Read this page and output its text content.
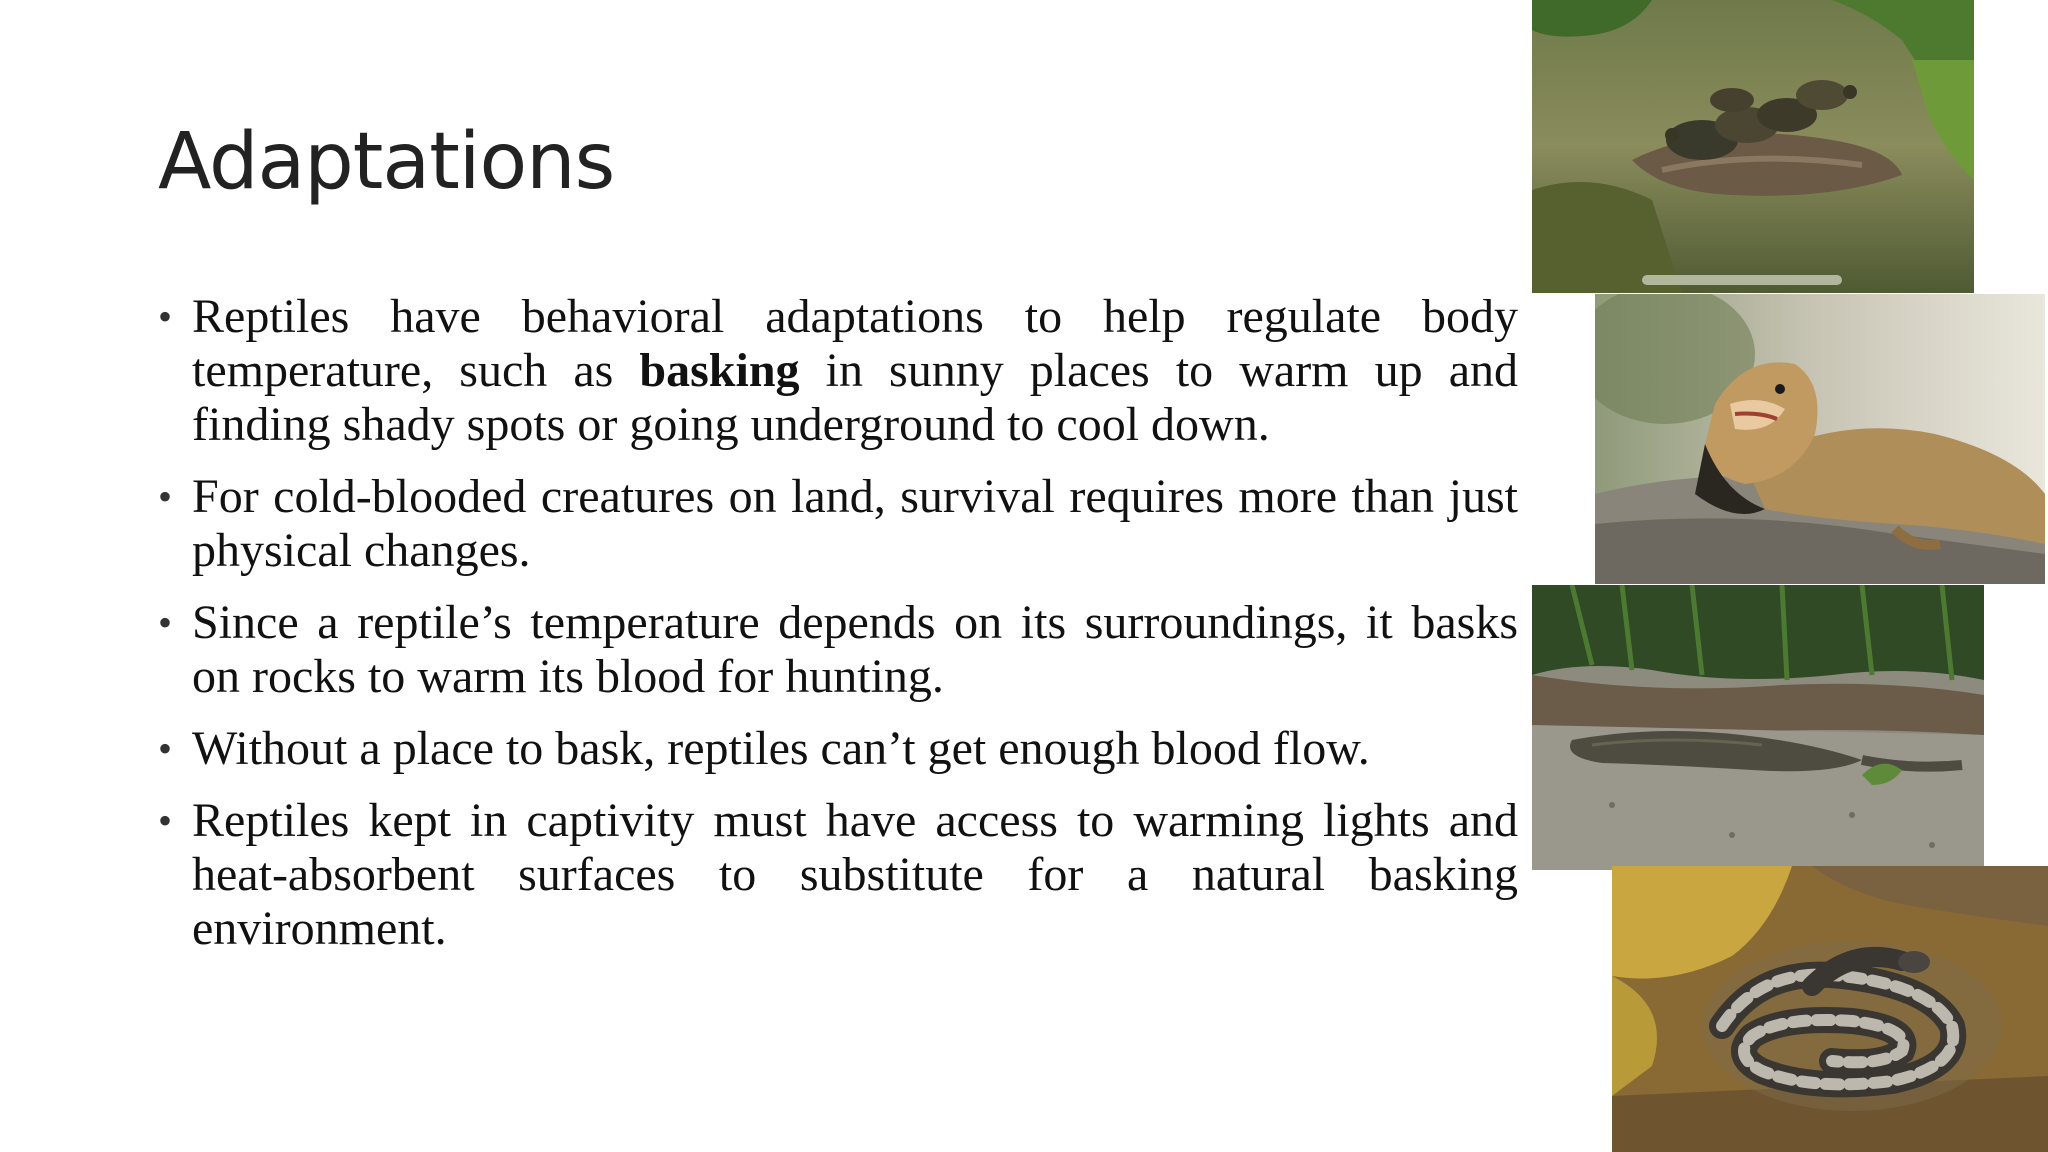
Adaptations
• Reptiles have behavioral adaptations to help regulate body temperature, such as basking in sunny places to warm up and finding shady spots or going underground to cool down.
• For cold-blooded creatures on land, survival requires more than just physical changes.
• Since a reptile’s temperature depends on its surroundings, it basks on rocks to warm its blood for hunting.
• Without a place to bask, reptiles can’t get enough blood flow.
• Reptiles kept in captivity must have access to warming lights and heat-absorbent surfaces to substitute for a natural basking environment.
